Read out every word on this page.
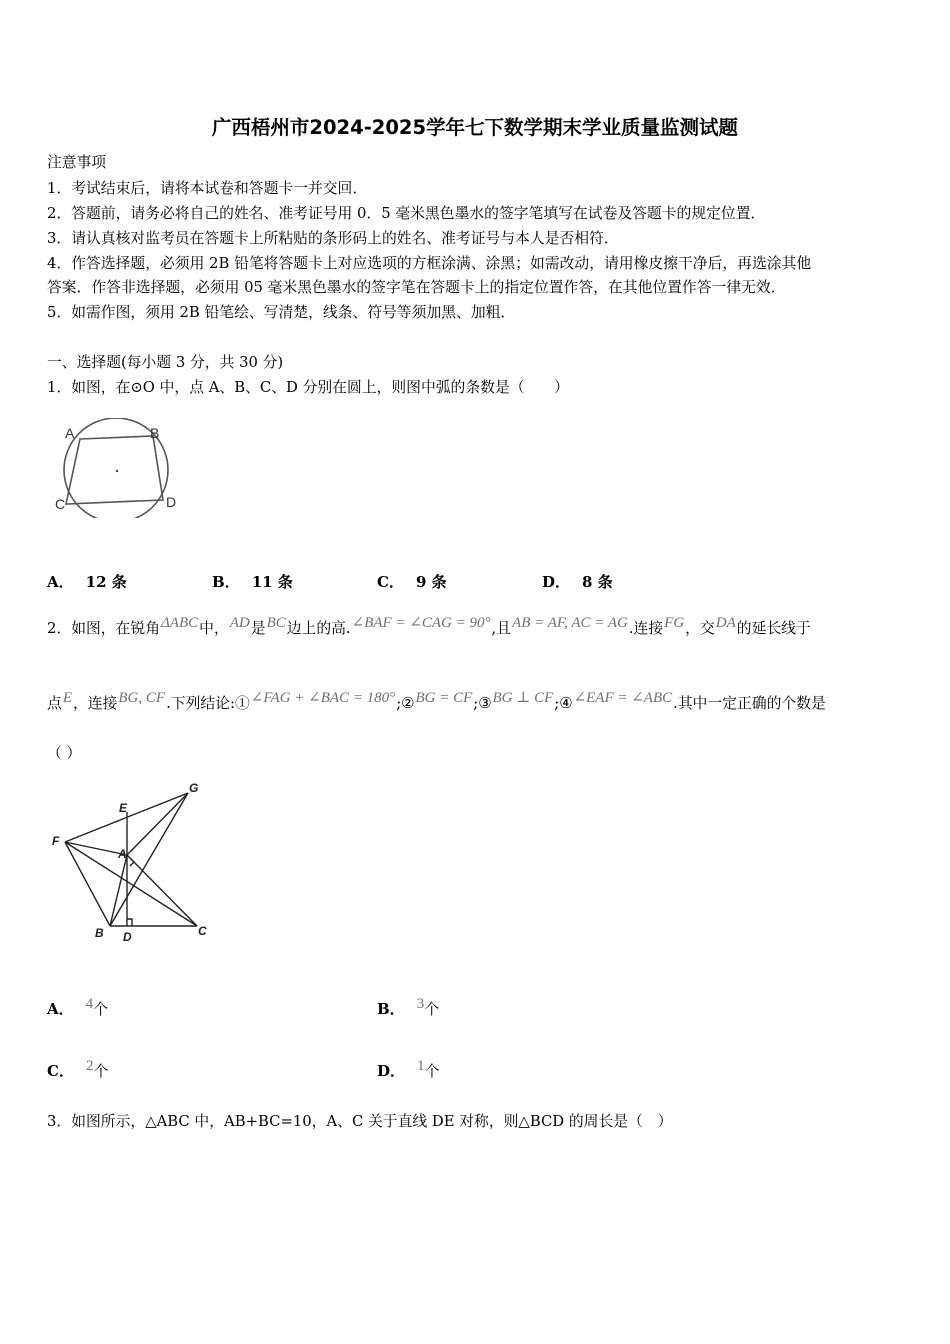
广西梧州市2024-2025学年七下数学期末学业质量监测试题
注意事项
1．考试结束后，请将本试卷和答题卡一并交回．
2．答题前，请务必将自己的姓名、准考证号用 0．5 毫米黑色墨水的签字笔填写在试卷及答题卡的规定位置．
3．请认真核对监考员在答题卡上所粘贴的条形码上的姓名、准考证号与本人是否相符．
4．作答选择题，必须用 2B 铅笔将答题卡上对应选项的方框涂满、涂黑；如需改动，请用橡皮擦干净后，再选涂其他
答案．作答非选择题，必须用 05 毫米黑色墨水的签字笔在答题卡上的指定位置作答，在其他位置作答一律无效．
5．如需作图，须用 2B 铅笔绘、写清楚，线条、符号等须加黑、加粗．
一、选择题(每小题 3 分，共 30 分)
1．如图，在⊙O 中，点 A、B、C、D 分别在圆上，则图中弧的条数是（　　）
A	B
C	D
A． 12 条	B． 11 条	C． 9 条	D． 8 条
2．如图，在锐角ΔABC中，AD是BC边上的高.∠BAF = ∠CAG = 90°,且AB = AF, AC = AG.连接FG，交DA的延长线于
点E，连接BG, CF.下列结论:①∠FAG + ∠BAC = 180°;②BG = CF;③BG ⊥ CF;④∠EAF = ∠ABC.其中一定正确的个数是
（ ）
G
E
F
A
B D	C
A． 4个	B． 3个
C． 2个	D． 1个
3．如图所示，△ABC 中，AB+BC=10，A、C 关于直线 DE 对称，则△BCD 的周长是（　）
